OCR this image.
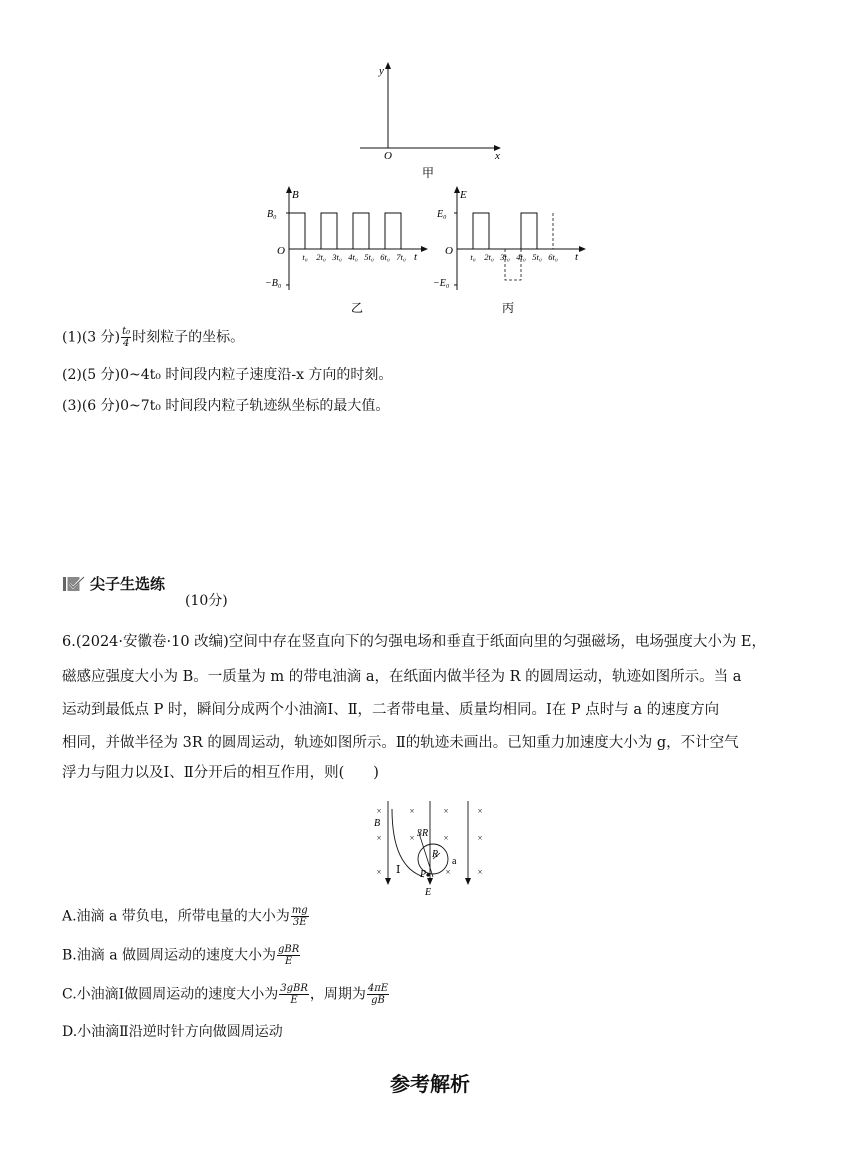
y
x
O
甲
B
t
O
B₀
−B₀
t₀ 2t₀ 3t₀ 4t₀ 5t₀ 6t₀ 7t₀
乙
E
t
O
E₀
−E₀
t₀ 2t₀ 3t₀ 4t₀ 5t₀ 6t₀
丙
(1)(3 分) $\frac{\text{t₀}}{4}$ 时刻粒子的坐标。
(2)(5 分)0~4t₀ 时间段内粒子速度沿-x 方向的时刻。
(3)(6 分)0~7t₀ 时间段内粒子轨迹纵坐标的最大值。
尖子生选练
(10分)
6.(2024·安徽卷·10 改编)空间中存在竖直向下的匀强电场和垂直于纸面向里的匀强磁场，电场强度大小为 E，
磁感应强度大小为 B。一质量为 m 的带电油滴 a，在纸面内做半径为 R 的圆周运动，轨迹如图所示。当 a
运动到最低点 P 时，瞬间分成两个小油滴Ⅰ、Ⅱ，二者带电量、质量均相同。Ⅰ在 P 点时与 a 的速度方向
相同，并做半径为 3R 的圆周运动，轨迹如图所示。Ⅱ的轨迹未画出。已知重力加速度大小为 g，不计空气
浮力与阻力以及Ⅰ、Ⅱ分开后的相互作用，则(　　)
×	×	×	×
×	×
×	×	×
×	×
B
E
3R
R
P
a
Ⅰ
A.油滴 a 带负电，所带电量的大小为 $\frac{mg}{3E}$
B.油滴 a 做圆周运动的速度大小为 $\frac{\text{gBR}}{E}$
C.小油滴Ⅰ做圆周运动的速度大小为 $\frac{\text{3gBR}}{E}$ ，周期为 $\frac{4\pi E}{gB}$
D.小油滴Ⅱ沿逆时针方向做圆周运动
参考解析
